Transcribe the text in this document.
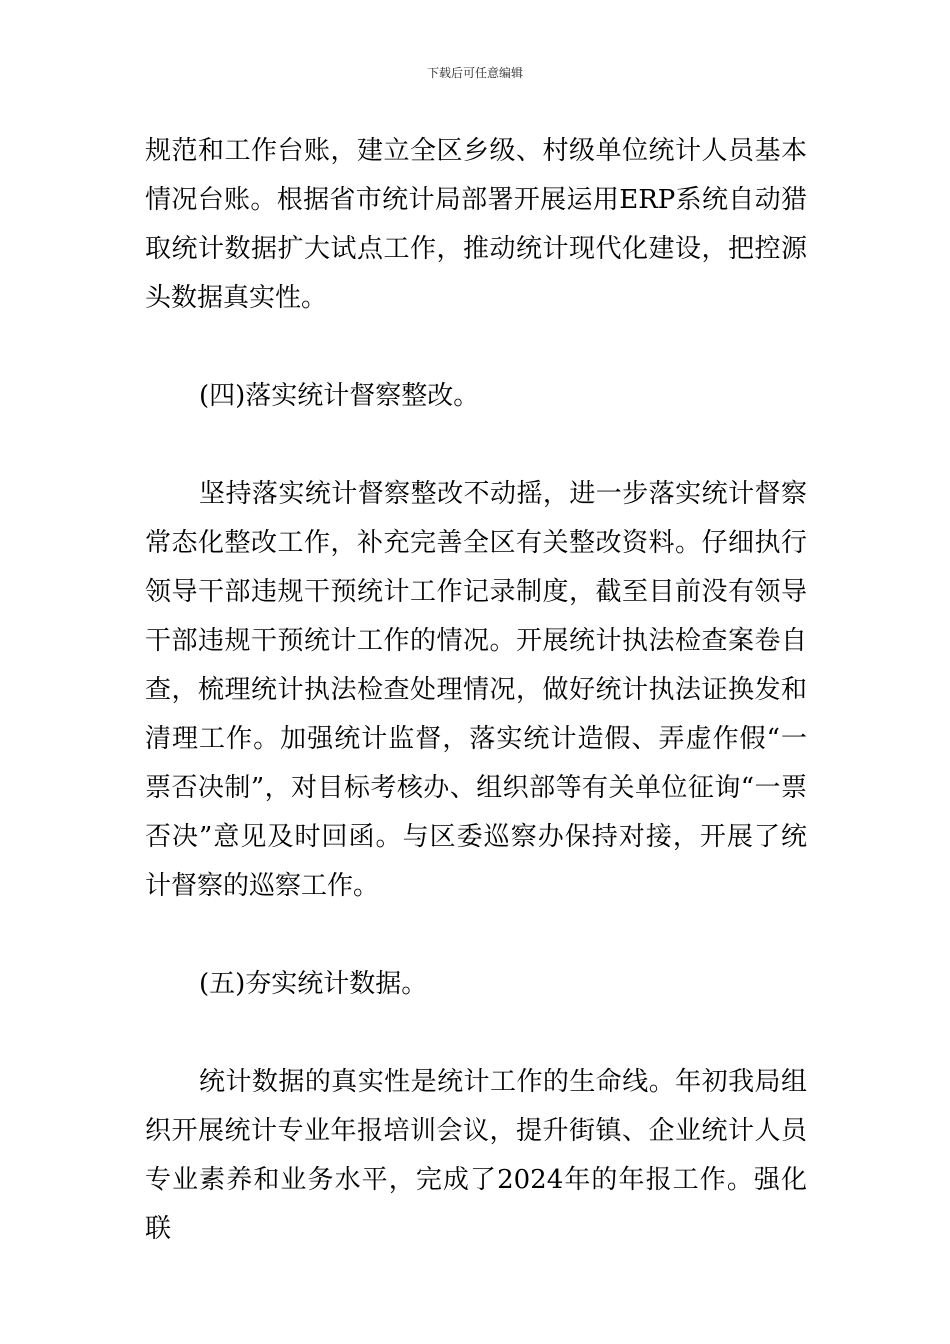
下载后可任意编辑

规范和工作台账，建立全区乡级、村级单位统计人员基本情况台账。根据省市统计局部署开展运用ERP系统自动猎取统计数据扩大试点工作，推动统计现代化建设，把控源头数据真实性。

(四)落实统计督察整改。

坚持落实统计督察整改不动摇，进一步落实统计督察常态化整改工作，补充完善全区有关整改资料。仔细执行领导干部违规干预统计工作记录制度，截至目前没有领导干部违规干预统计工作的情况。开展统计执法检查案卷自查，梳理统计执法检查处理情况，做好统计执法证换发和清理工作。加强统计监督，落实统计造假、弄虚作假“一票否决制”，对目标考核办、组织部等有关单位征询“一票否决”意见及时回函。与区委巡察办保持对接，开展了统计督察的巡察工作。

(五)夯实统计数据。

统计数据的真实性是统计工作的生命线。年初我局组织开展统计专业年报培训会议，提升街镇、企业统计人员专业素养和业务水平，完成了2024年的年报工作。强化联
